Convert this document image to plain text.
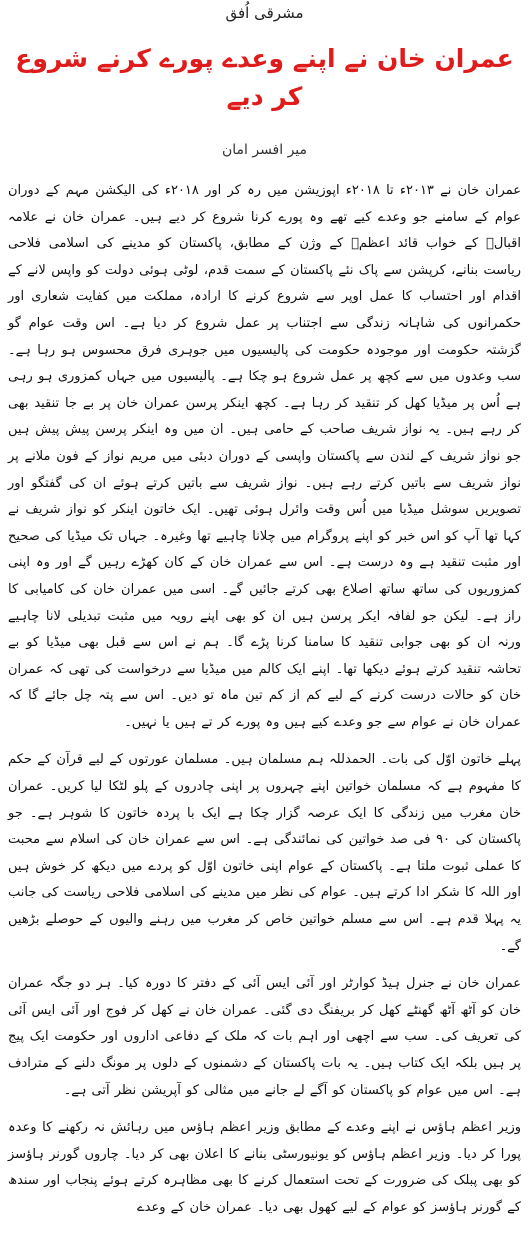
مشرقی اُفق
عمران خان نے اپنے وعدے پورے کرنے شروع کر دیے
میر افسر امان

عمران خان نے ۲۰۱۳ء تا ۲۰۱۸ء اپوزیشن میں رہ کر اور ۲۰۱۸ء کی الیکشن مہم کے دوران عوام کے سامنے جو وعدے کیے تھے وہ پورے کرنا شروع کر دیے ہیں۔ عمران خان نے علامہ اقبالؒ کے خواب قائد اعظمؒ کے وژن کے مطابق، پاکستان کو مدینے کی اسلامی فلاحی ریاست بنانے، کرپشن سے پاک نئے پاکستان کے سمت قدم، لوٹی ہوئی دولت کو واپس لانے کے اقدام اور احتساب کا عمل اوپر سے شروع کرنے کا ارادہ، مملکت میں کفایت شعاری اور حکمرانوں کی شاہانہ زندگی سے اجتناب پر عمل شروع کر دیا ہے۔ اس وقت عوام گو گزشتہ حکومت اور موجودہ حکومت کی پالیسیوں میں جوہری فرق محسوس ہو رہا ہے۔ سب وعدوں میں سے کچھ پر عمل شروع ہو چکا ہے۔ پالیسیوں میں جہاں کمزوری ہو رہی ہے اُس پر میڈیا کھل کر تنقید کر رہا ہے۔ کچھ اینکر پرسن عمران خان پر بے جا تنقید بھی کر رہے ہیں۔ یہ نواز شریف صاحب کے حامی ہیں۔ ان میں وہ اینکر پرسن پیش پیش ہیں جو نواز شریف کے لندن سے پاکستان واپسی کے دوران دبئی میں مریم نواز کے فون ملانے پر نواز شریف سے باتیں کرتے رہے ہیں۔ نواز شریف سے باتیں کرتے ہوئے ان کی گفتگو اور تصویریں سوشل میڈیا میں اُس وقت وائرل ہوئی تھیں۔ ایک خاتون اینکر کو نواز شریف نے کہا تھا آپ کو اس خبر کو اپنے پروگرام میں چلانا چاہیے تھا وغیرہ۔ جہاں تک میڈیا کی صحیح اور مثبت تنقید ہے وہ درست ہے۔ اس سے عمران خان کے کان کھڑے رہیں گے اور وہ اپنی کمزوریوں کی ساتھ ساتھ اصلاع بھی کرتے جائیں گے۔ اسی میں عمران خان کی کامیابی کا راز ہے۔ لیکن جو لفافہ ایکر پرسن ہیں ان کو بھی اپنے رویہ میں مثبت تبدیلی لانا چاہیے ورنہ ان کو بھی جوابی تنقید کا سامنا کرنا پڑے گا۔ ہم نے اس سے قبل بھی میڈیا کو بے تحاشہ تنقید کرتے ہوئے دیکھا تھا۔ اپنے ایک کالم میں میڈیا سے درخواست کی تھی کہ عمران خان کو حالات درست کرنے کے لیے کم از کم تین ماہ تو دیں۔ اس سے پتہ چل جائے گا کہ عمران خان نے عوام سے جو وعدے کیے ہیں وہ پورے کر تے ہیں یا نہیں۔

پہلے خاتون اوّل کی بات۔ الحمدللہ ہم مسلمان ہیں۔ مسلمان عورتوں کے لیے قرآن کے حکم کا مفہوم ہے کہ مسلمان خواتین اپنے چہروں پر اپنی چادروں کے پلو لٹکا لیا کریں۔ عمران خان مغرب میں زندگی کا ایک عرصہ گزار چکا ہے ایک با پردہ خاتون کا شوہر ہے۔ جو پاکستان کی ۹۰ فی صد خواتین کی نمائندگی ہے۔ اس سے عمران خان کی اسلام سے محبت کا عملی ثبوت ملتا ہے۔ پاکستان کے عوام اپنی خاتون اوّل کو پردے میں دیکھ کر خوش ہیں اور اللہ کا شکر ادا کرتے ہیں۔ عوام کی نظر میں مدینے کی اسلامی فلاحی ریاست کی جانب یہ پہلا قدم ہے۔ اس سے مسلم خواتین خاص کر مغرب میں رہنے والیوں کے حوصلے بڑھیں گے۔

عمران خان نے جنرل ہیڈ کوارٹر اور آئی ایس آئی کے دفتر کا دورہ کیا۔ ہر دو جگہ عمران خان کو آٹھ آٹھ گھنٹے کھل کر بریفنگ دی گئی۔ عمران خان نے کھل کر فوج اور آئی ایس آئی کی تعریف کی۔ سب سے اچھی اور اہم بات کہ ملک کے دفاعی اداروں اور حکومت ایک پیج پر ہیں بلکہ ایک کتاب ہیں۔ یہ بات پاکستان کے دشمنوں کے دلوں پر مونگ دلنے کے مترادف ہے۔ اس میں عوام کو پاکستان کو آگے لے جانے میں مثالی کو آپریشن نظر آتی ہے۔

وزیر اعظم ہاؤس نے اپنے وعدے کے مطابق وزیر اعظم ہاؤس میں رہائش نہ رکھنے کا وعدہ پورا کر دیا۔ وزیر اعظم ہاؤس کو یونیورسٹی بنانے کا اعلان بھی کر دیا۔ چاروں گورنر ہاؤسز کو بھی پبلک کی ضرورت کے تحت استعمال کرنے کا بھی مظاہرہ کرتے ہوئے پنجاب اور سندھ کے گورنر ہاؤسز کو عوام کے لیے کھول بھی دیا۔ عمران خان کے وعدے
